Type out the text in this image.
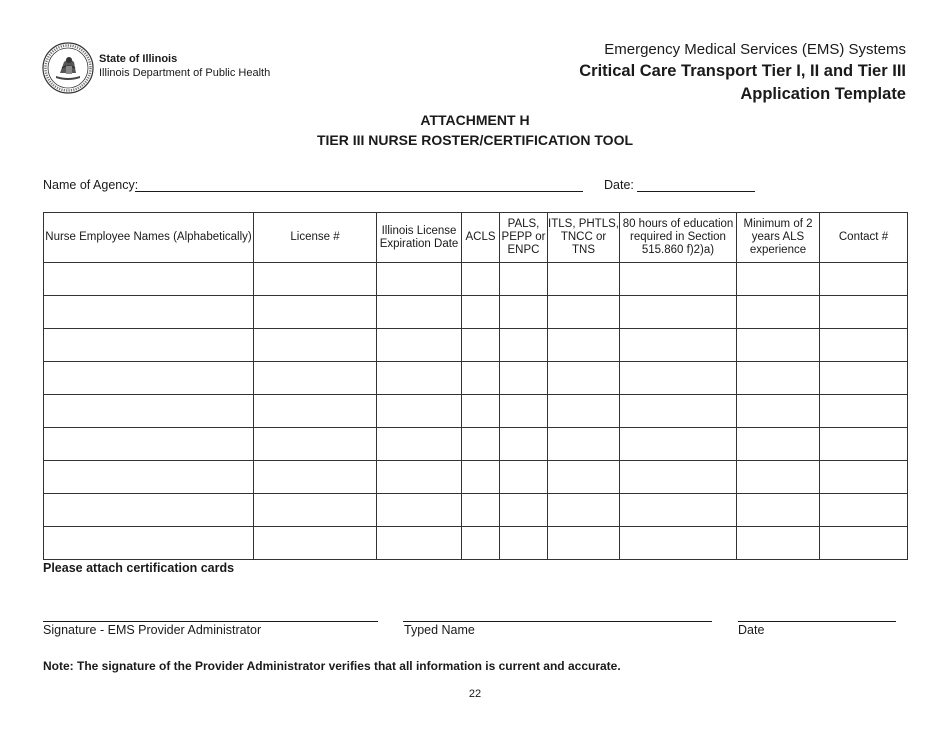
State of Illinois
Illinois Department of Public Health
Emergency Medical Services (EMS) Systems
Critical Care Transport Tier I, II and Tier III
Application Template
ATTACHMENT H
TIER III NURSE ROSTER/CERTIFICATION TOOL
Name of Agency:	Date:
Nurse Employee Names (Alphabetically)	License #	Illinois License Expiration Date	ACLS	PALS, PEPP or ENPC	ITLS, PHTLS, TNCC or TNS	80 hours of education required in Section 515.860 f)2)a)	Minimum of 2 years ALS experience	Contact #

Please attach certification cards
Signature - EMS Provider Administrator	Typed Name	Date
Note: The signature of the Provider Administrator verifies that all information is current and accurate.
22
